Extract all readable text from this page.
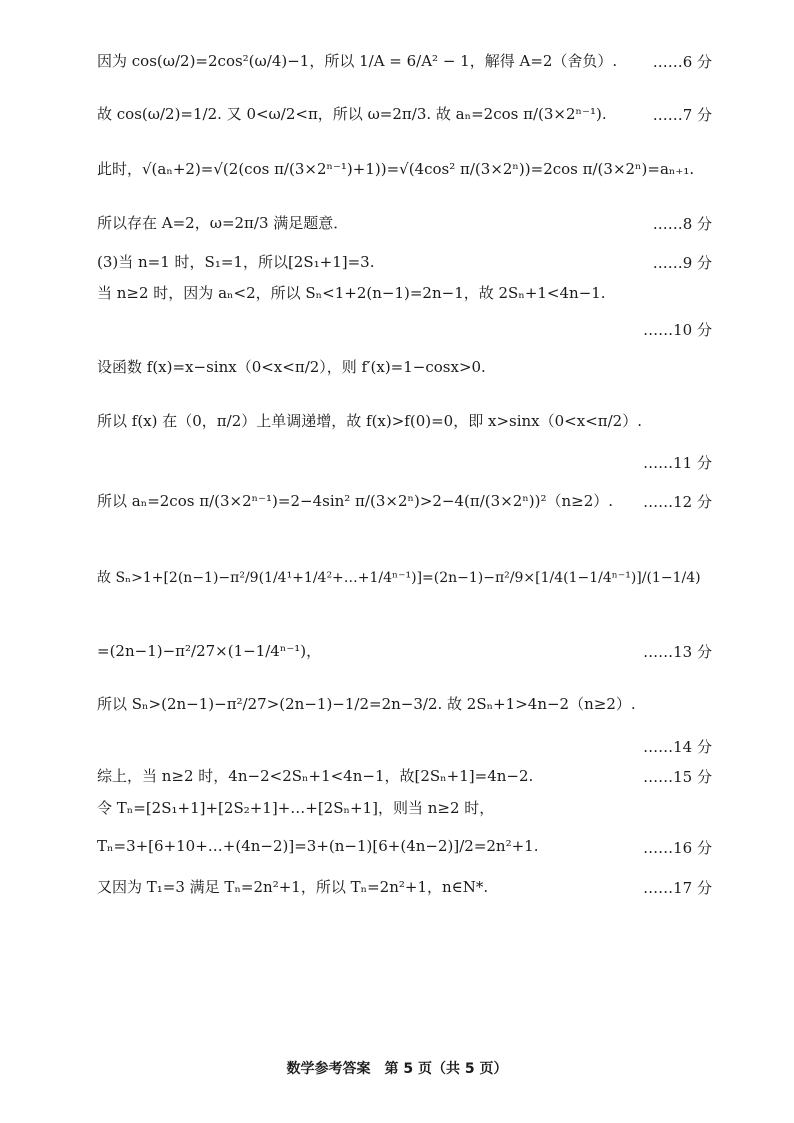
因为 cos(ω/2)=2cos²(ω/4)−1，所以 1/A = 6/A² − 1，解得 A=2（舍负）. ……6 分
故 cos(ω/2)=1/2. 又 0<ω/2<π，所以 ω=2π/3. 故 aₙ=2cos π/(3×2ⁿ⁻¹).	……7 分
此时，√(aₙ+2)=√(2(cos π/(3×2ⁿ⁻¹)+1))=√(4cos² π/(3×2ⁿ))=2cos π/(3×2ⁿ)=aₙ₊₁.
所以存在 A=2，ω=2π/3 满足题意．	……8 分
(3)当 n=1 时，S₁=1，所以[2S₁+1]=3.	……9 分
当 n≥2 时，因为 aₙ<2，所以 Sₙ<1+2(n−1)=2n−1，故 2Sₙ+1<4n−1.
……10 分
设函数 f(x)=x−sinx（0<x<π/2），则 f′(x)=1−cosx>0.
所以 f(x) 在（0，π/2）上单调递增，故 f(x)>f(0)=0，即 x>sinx（0<x<π/2）.
……11 分
所以 aₙ=2cos π/(3×2ⁿ⁻¹)=2−4sin² π/(3×2ⁿ)>2−4(π/(3×2ⁿ))²（n≥2）. ……12 分
故 Sₙ>1+[2(n−1)−π²/9(1/4¹+1/4²+…+1/4ⁿ⁻¹)]=(2n−1)−π²/9×[1/4(1−1/4ⁿ⁻¹)]/(1−1/4)
=(2n−1)−π²/27×(1−1/4ⁿ⁻¹)，	……13 分
所以 Sₙ>(2n−1)−π²/27>(2n−1)−1/2=2n−3/2. 故 2Sₙ+1>4n−2（n≥2）.
……14 分
综上，当 n≥2 时，4n−2<2Sₙ+1<4n−1，故[2Sₙ+1]=4n−2.	……15 分
令 Tₙ=[2S₁+1]+[2S₂+1]+…+[2Sₙ+1]，则当 n≥2 时，
Tₙ=3+[6+10+…+(4n−2)]=3+(n−1)[6+(4n−2)]/2=2n²+1.	……16 分
又因为 T₁=3 满足 Tₙ=2n²+1，所以 Tₙ=2n²+1，n∈N*.	……17 分
数学参考答案　第 5 页（共 5 页）
